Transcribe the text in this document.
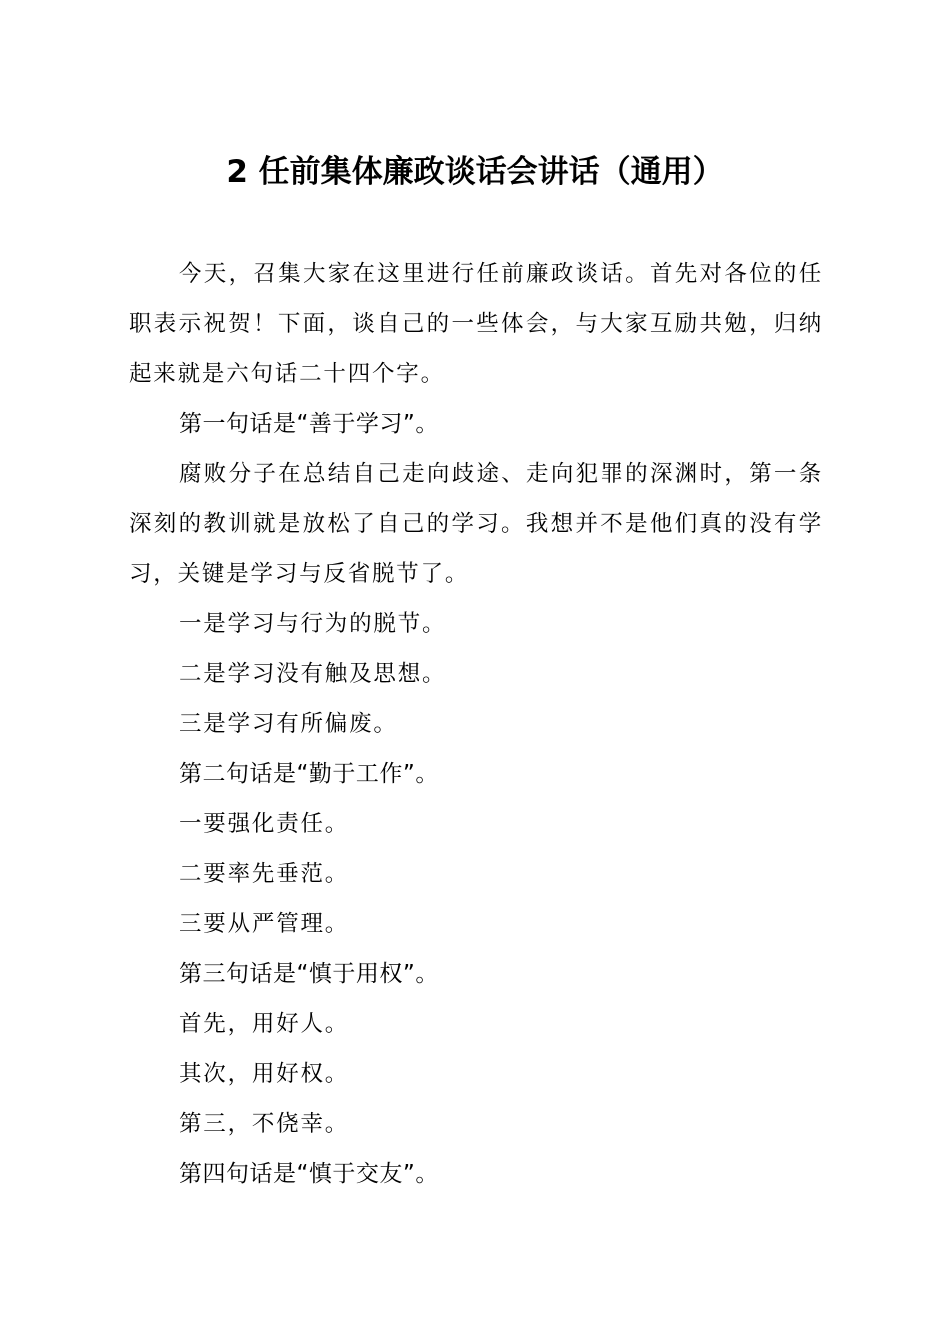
2 任前集体廉政谈话会讲话（通用）

今天，召集大家在这里进行任前廉政谈话。首先对各位的任职表示祝贺！下面，谈自己的一些体会，与大家互励共勉，归纳起来就是六句话二十四个字。

第一句话是“善于学习”。

腐败分子在总结自己走向歧途、走向犯罪的深渊时，第一条深刻的教训就是放松了自己的学习。我想并不是他们真的没有学习，关键是学习与反省脱节了。

一是学习与行为的脱节。

二是学习没有触及思想。

三是学习有所偏废。

第二句话是“勤于工作”。

一要强化责任。

二要率先垂范。

三要从严管理。

第三句话是“慎于用权”。

首先，用好人。

其次，用好权。

第三，不侥幸。

第四句话是“慎于交友”。
